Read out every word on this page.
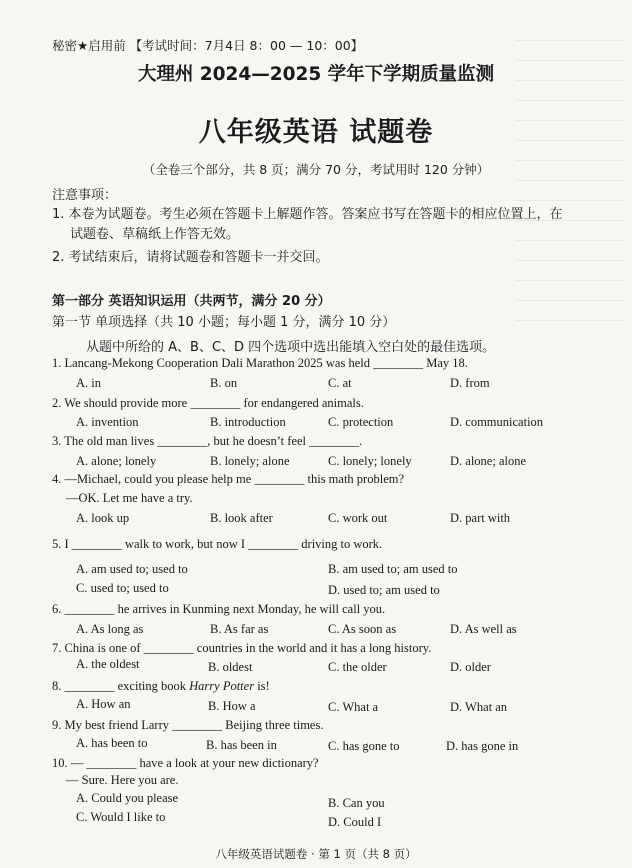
秘密★启用前 【考试时间：7月4日 8：00 — 10：00】
大理州 2024—2025 学年下学期质量监测
八年级英语 试题卷
（全卷三个部分，共 8 页；满分 70 分，考试用时 120 分钟）
注意事项：
1. 本卷为试题卷。考生必须在答题卡上解题作答。答案应书写在答题卡的相应位置上，在
试题卷、草稿纸上作答无效。
2. 考试结束后，请将试题卷和答题卡一并交回。
第一部分 英语知识运用（共两节，满分 20 分）
第一节 单项选择（共 10 小题；每小题 1 分，满分 10 分）
从题中所给的 A、B、C、D 四个选项中选出能填入空白处的最佳选项。
1. Lancang-Mekong Cooperation Dali Marathon 2025 was held ________ May 18.
A. in	B. on	C. at	D. from
2. We should provide more ________ for endangered animals.
A. invention	B. introduction	C. protection	D. communication
3. The old man lives ________, but he doesn’t feel ________.
A. alone; lonely	B. lonely; alone	C. lonely; lonely	D. alone; alone
4. —Michael, could you please help me ________ this math problem?
—OK. Let me have a try.
A. look up	B. look after	C. work out	D. part with
5. I ________ walk to work, but now I ________ driving to work.
A. am used to; used to	B. am used to; am used to
C. used to; used to	D. used to; am used to
6. ________ he arrives in Kunming next Monday, he will call you.
A. As long as	B. As far as	C. As soon as	D. As well as
7. China is one of ________ countries in the world and it has a long history.
A. the oldest	B. oldest	C. the older	D. older
8. ________ exciting book Harry Potter is!
A. How an	B. How a	C. What a	D. What an
9. My best friend Larry ________ Beijing three times.
A. has been to	B. has been in	C. has gone to	D. has gone in
10. — ________ have a look at your new dictionary?
— Sure. Here you are.
A. Could you please	B. Can you
C. Would I like to	D. Could I
八年级英语试题卷 · 第 1 页（共 8 页）
